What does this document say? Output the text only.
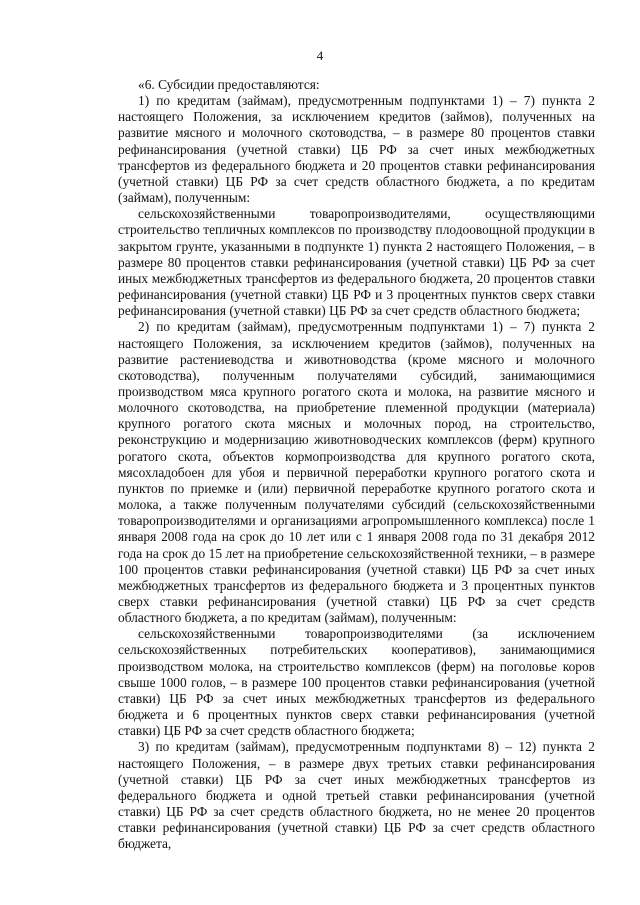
4

«6. Субсидии предоставляются:

1) по кредитам (займам), предусмотренным подпунктами 1) – 7) пункта 2 настоящего Положения, за исключением кредитов (займов), полученных на развитие мясного и молочного скотоводства, – в размере 80 процентов ставки рефинансирования (учетной ставки) ЦБ РФ за счет иных межбюджетных трансфертов из федерального бюджета и 20 процентов ставки рефинансирования (учетной ставки) ЦБ РФ за счет средств областного бюджета, а по кредитам (займам), полученным:

сельскохозяйственными товаропроизводителями, осуществляющими строительство тепличных комплексов по производству плодоовощной продукции в закрытом грунте, указанными в подпункте 1) пункта 2 настоящего Положения, – в размере 80 процентов ставки рефинансирования (учетной ставки) ЦБ РФ за счет иных межбюджетных трансфертов из федерального бюджета, 20 процентов ставки рефинансирования (учетной ставки) ЦБ РФ и 3 процентных пунктов сверх ставки рефинансирования (учетной ставки) ЦБ РФ за счет средств областного бюджета;

2) по кредитам (займам), предусмотренным подпунктами 1) – 7) пункта 2 настоящего Положения, за исключением кредитов (займов), полученных на развитие растениеводства и животноводства (кроме мясного и молочного скотоводства), полученным получателями субсидий, занимающимися производством мяса крупного рогатого скота и молока, на развитие мясного и молочного скотоводства, на приобретение племенной продукции (материала) крупного рогатого скота мясных и молочных пород, на строительство, реконструкцию и модернизацию животноводческих комплексов (ферм) крупного рогатого скота, объектов кормопроизводства для крупного рогатого скота, мясохладобоен для убоя и первичной переработки крупного рогатого скота и пунктов по приемке и (или) первичной переработке крупного рогатого скота и молока, а также полученным получателями субсидий (сельскохозяйственными товаропроизводителями и организациями агропромышленного комплекса) после 1 января 2008 года на срок до 10 лет или с 1 января 2008 года по 31 декабря 2012 года на срок до 15 лет на приобретение сельскохозяйственной техники, – в размере 100 процентов ставки рефинансирования (учетной ставки) ЦБ РФ за счет иных межбюджетных трансфертов из федерального бюджета и 3 процентных пунктов сверх ставки рефинансирования (учетной ставки) ЦБ РФ за счет средств областного бюджета, а по кредитам (займам), полученным:

сельскохозяйственными товаропроизводителями (за исключением сельскохозяйственных потребительских кооперативов), занимающимися производством молока, на строительство комплексов (ферм) на поголовье коров свыше 1000 голов, – в размере 100 процентов ставки рефинансирования (учетной ставки) ЦБ РФ за счет иных межбюджетных трансфертов из федерального бюджета и 6 процентных пунктов сверх ставки рефинансирования (учетной ставки) ЦБ РФ за счет средств областного бюджета;

3) по кредитам (займам), предусмотренным подпунктами 8) – 12) пункта 2 настоящего Положения, – в размере двух третьих ставки рефинансирования (учетной ставки) ЦБ РФ за счет иных межбюджетных трансфертов из федерального бюджета и одной третьей ставки рефинансирования (учетной ставки) ЦБ РФ за счет средств областного бюджета, но не менее 20 процентов ставки рефинансирования (учетной ставки) ЦБ РФ за счет средств областного бюджета,
